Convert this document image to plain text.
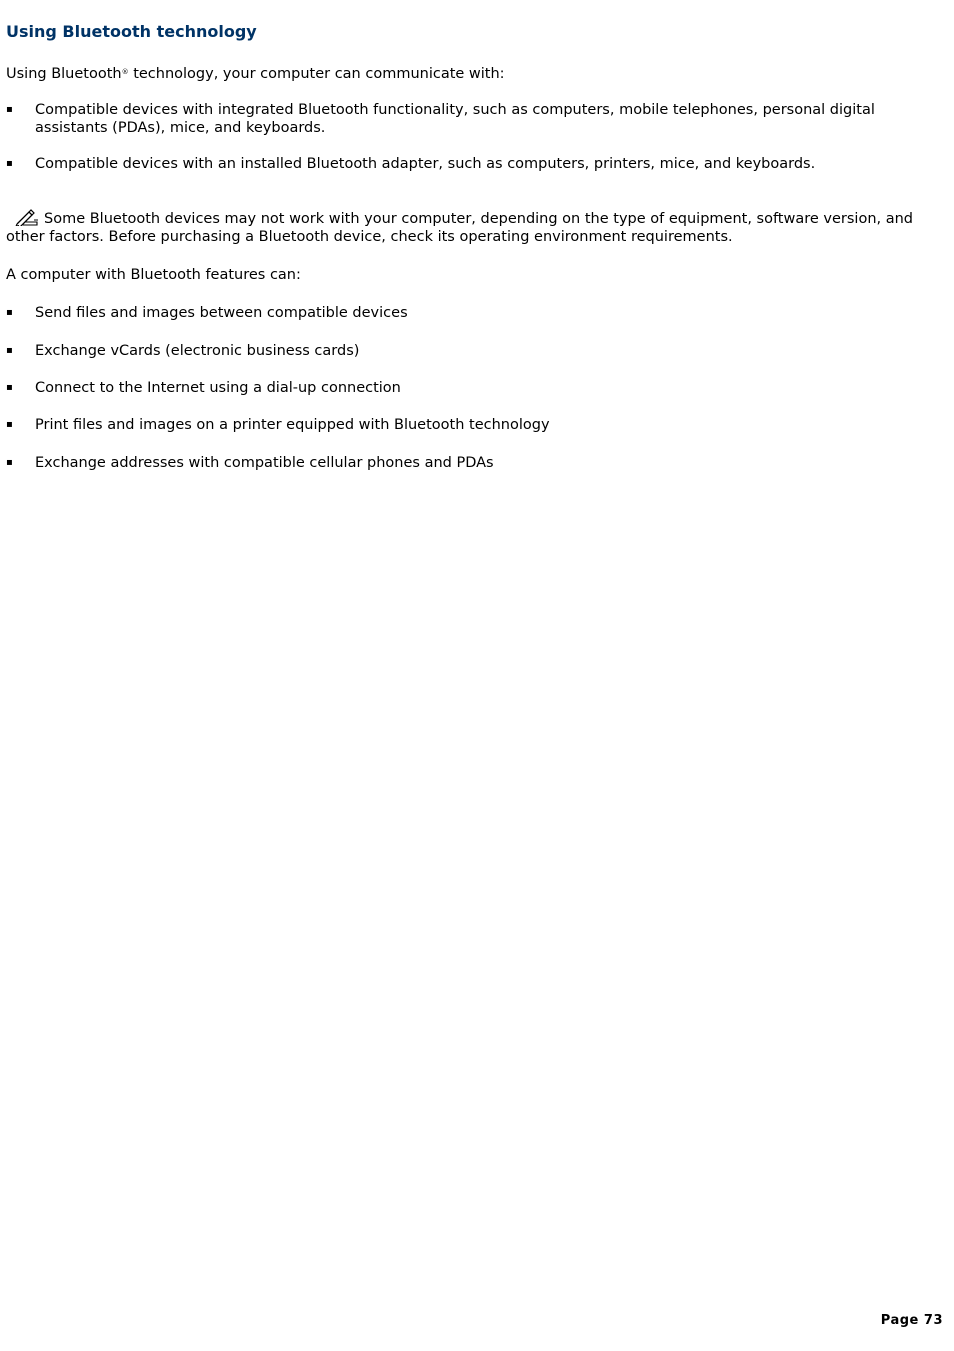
Using Bluetooth technology

Using Bluetooth® technology, your computer can communicate with:

▪ Compatible devices with integrated Bluetooth functionality, such as computers, mobile telephones, personal digital assistants (PDAs), mice, and keyboards.
▪ Compatible devices with an installed Bluetooth adapter, such as computers, printers, mice, and keyboards.

Some Bluetooth devices may not work with your computer, depending on the type of equipment, software version, and other factors. Before purchasing a Bluetooth device, check its operating environment requirements.

A computer with Bluetooth features can:

▪ Send files and images between compatible devices
▪ Exchange vCards (electronic business cards)
▪ Connect to the Internet using a dial-up connection
▪ Print files and images on a printer equipped with Bluetooth technology
▪ Exchange addresses with compatible cellular phones and PDAs
Page 73
